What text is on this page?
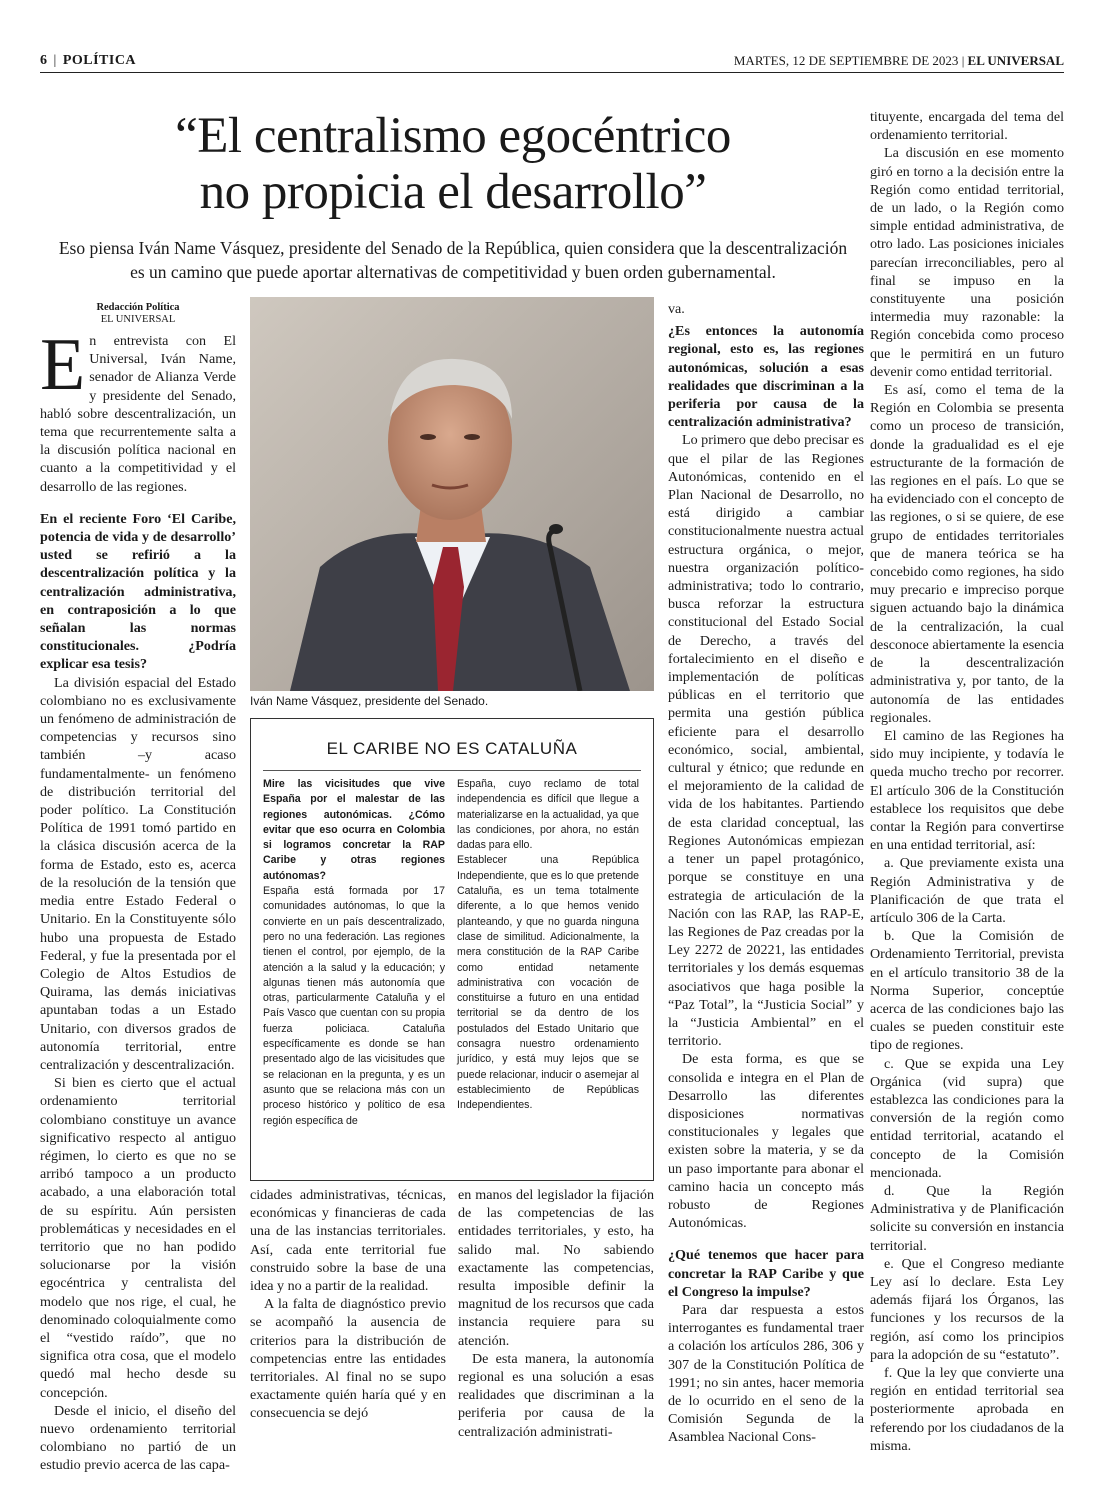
6 | POLÍTICA	MARTES, 12 DE SEPTIEMBRE DE 2023 | EL UNIVERSAL
“El centralismo egocéntrico
no propicia el desarrollo”
Eso piensa Iván Name Vásquez, presidente del Senado de la República, quien considera que la descentralización
es un camino que puede aportar alternativas de competitividad y buen orden gubernamental.
Redacción Política
EL UNIVERSAL

En entrevista con El Universal, Iván Name, senador de Alianza Verde y presidente del Senado, habló sobre descentralización, un tema que recurrentemente salta a la discusión política nacional en cuanto a la competitividad y el desarrollo de las regiones.

En el reciente Foro ‘El Caribe, potencia de vida y de desarrollo’ usted se refirió a la descentralización política y la centralización administrativa, en contraposición a lo que señalan las normas constitucionales. ¿Podría explicar esa tesis?

La división espacial del Estado colombiano no es exclusivamente un fenómeno de administración de competencias y recursos sino también –y acaso fundamentalmente- un fenómeno de distribución territorial del poder político. La Constitución Política de 1991 tomó partido en la clásica discusión acerca de la forma de Estado, esto es, acerca de la resolución de la tensión que media entre Estado Federal o Unitario. En la Constituyente sólo hubo una propuesta de Estado Federal, y fue la presentada por el Colegio de Altos Estudios de Quirama, las demás iniciativas apuntaban todas a un Estado Unitario, con diversos grados de autonomía territorial, entre centralización y descentralización.

Si bien es cierto que el actual ordenamiento territorial colombiano constituye un avance significativo respecto al antiguo régimen, lo cierto es que no se arribó tampoco a un producto acabado, a una elaboración total de su espíritu. Aún persisten problemáticas y necesidades en el territorio que no han podido solucionarse por la visión egocéntrica y centralista del modelo que nos rige, el cual, he denominado coloquialmente como el “vestido raído”, que no significa otra cosa, que el modelo quedó mal hecho desde su concepción.

Desde el inicio, el diseño del nuevo ordenamiento territorial colombiano no partió de un estudio previo acerca de las capa-

Iván Name Vásquez, presidente del Senado.
EL CARIBE NO ES CATALUÑA

Mire las vicisitudes que vive España por el malestar de las regiones autonómicas. ¿Cómo evitar que eso ocurra en Colombia si logramos concretar la RAP Caribe y otras regiones autónomas?

España está formada por 17 comunidades autónomas, lo que la convierte en un país descentralizado, pero no una federación. Las regiones tienen el control, por ejemplo, de la atención a la salud y la educación; y algunas tienen más autonomía que otras, particularmente Cataluña y el País Vasco que cuentan con su propia fuerza policiaca. Cataluña específicamente es donde se han presentado algo de las vicisitudes que se relacionan en la pregunta, y es un asunto que se relaciona más con un proceso histórico y político de esa región específica de

España, cuyo reclamo de total independencia es difícil que llegue a materializarse en la actualidad, ya que las condiciones, por ahora, no están dadas para ello.

Establecer una República Independiente, que es lo que pretende Cataluña, es un tema totalmente diferente, a lo que hemos venido planteando, y que no guarda ninguna clase de similitud. Adicionalmente, la mera constitución de la RAP Caribe como entidad netamente administrativa con vocación de constituirse a futuro en una entidad territorial se da dentro de los postulados del Estado Unitario que consagra nuestro ordenamiento jurídico, y está muy lejos que se puede relacionar, inducir o asemejar al establecimiento de Repúblicas Independientes.

cidades administrativas, técnicas, económicas y financieras de cada una de las instancias territoriales. Así, cada ente territorial fue construido sobre la base de una idea y no a partir de la realidad.

A la falta de diagnóstico previo se acompañó la ausencia de criterios para la distribución de competencias entre las entidades territoriales. Al final no se supo exactamente quién haría qué y en consecuencia se dejó

en manos del legislador la fijación de las competencias de las entidades territoriales, y esto, ha salido mal. No sabiendo exactamente las competencias, resulta imposible definir la magnitud de los recursos que cada instancia requiere para su atención.

De esta manera, la autonomía regional es una solución a esas realidades que discriminan a la periferia por causa de la centralización administrati-

va.

¿Es entonces la autonomía regional, esto es, las regiones autonómicas, solución a esas realidades que discriminan a la periferia por causa de la centralización administrativa?

Lo primero que debo precisar es que el pilar de las Regiones Autonómicas, contenido en el Plan Nacional de Desarrollo, no está dirigido a cambiar constitucionalmente nuestra actual estructura orgánica, o mejor, nuestra organización político-administrativa; todo lo contrario, busca reforzar la estructura constitucional del Estado Social de Derecho, a través del fortalecimiento en el diseño e implementación de políticas públicas en el territorio que permita una gestión pública eficiente para el desarrollo económico, social, ambiental, cultural y étnico; que redunde en el mejoramiento de la calidad de vida de los habitantes. Partiendo de esta claridad conceptual, las Regiones Autonómicas empiezan a tener un papel protagónico, porque se constituye en una estrategia de articulación de la Nación con las RAP, las RAP-E, las Regiones de Paz creadas por la Ley 2272 de 20221, las entidades territoriales y los demás esquemas asociativos que haga posible la “Paz Total”, la “Justicia Social” y la “Justicia Ambiental” en el territorio.

De esta forma, es que se consolida e integra en el Plan de Desarrollo las diferentes disposiciones normativas constitucionales y legales que existen sobre la materia, y se da un paso importante para abonar el camino hacia un concepto más robusto de Regiones Autonómicas.

¿Qué tenemos que hacer para concretar la RAP Caribe y que el Congreso la impulse?

Para dar respuesta a estos interrogantes es fundamental traer a colación los artículos 286, 306 y 307 de la Constitución Política de 1991; no sin antes, hacer memoria de lo ocurrido en el seno de la Comisión Segunda de la Asamblea Nacional Cons-

tituyente, encargada del tema del ordenamiento territorial.

La discusión en ese momento giró en torno a la decisión entre la Región como entidad territorial, de un lado, o la Región como simple entidad administrativa, de otro lado. Las posiciones iniciales parecían irreconciliables, pero al final se impuso en la constituyente una posición intermedia muy razonable: la Región concebida como proceso que le permitirá en un futuro devenir como entidad territorial.

Es así, como el tema de la Región en Colombia se presenta como un proceso de transición, donde la gradualidad es el eje estructurante de la formación de las regiones en el país. Lo que se ha evidenciado con el concepto de las regiones, o si se quiere, de ese grupo de entidades territoriales que de manera teórica se ha concebido como regiones, ha sido muy precario e impreciso porque siguen actuando bajo la dinámica de la centralización, la cual desconoce abiertamente la esencia de la descentralización administrativa y, por tanto, de la autonomía de las entidades regionales.

El camino de las Regiones ha sido muy incipiente, y todavía le queda mucho trecho por recorrer. El artículo 306 de la Constitución establece los requisitos que debe contar la Región para convertirse en una entidad territorial, así:

a. Que previamente exista una Región Administrativa y de Planificación de que trata el artículo 306 de la Carta.

b. Que la Comisión de Ordenamiento Territorial, prevista en el artículo transitorio 38 de la Norma Superior, conceptúe acerca de las condiciones bajo las cuales se pueden constituir este tipo de regiones.

c. Que se expida una Ley Orgánica (vid supra) que establezca las condiciones para la conversión de la región como entidad territorial, acatando el concepto de la Comisión mencionada.

d. Que la Región Administrativa y de Planificación solicite su conversión en instancia territorial.

e. Que el Congreso mediante Ley así lo declare. Esta Ley además fijará los Órganos, las funciones y los recursos de la región, así como los principios para la adopción de su “estatuto”.

f. Que la ley que convierte una región en entidad territorial sea posteriormente aprobada en referendo por los ciudadanos de la misma.
